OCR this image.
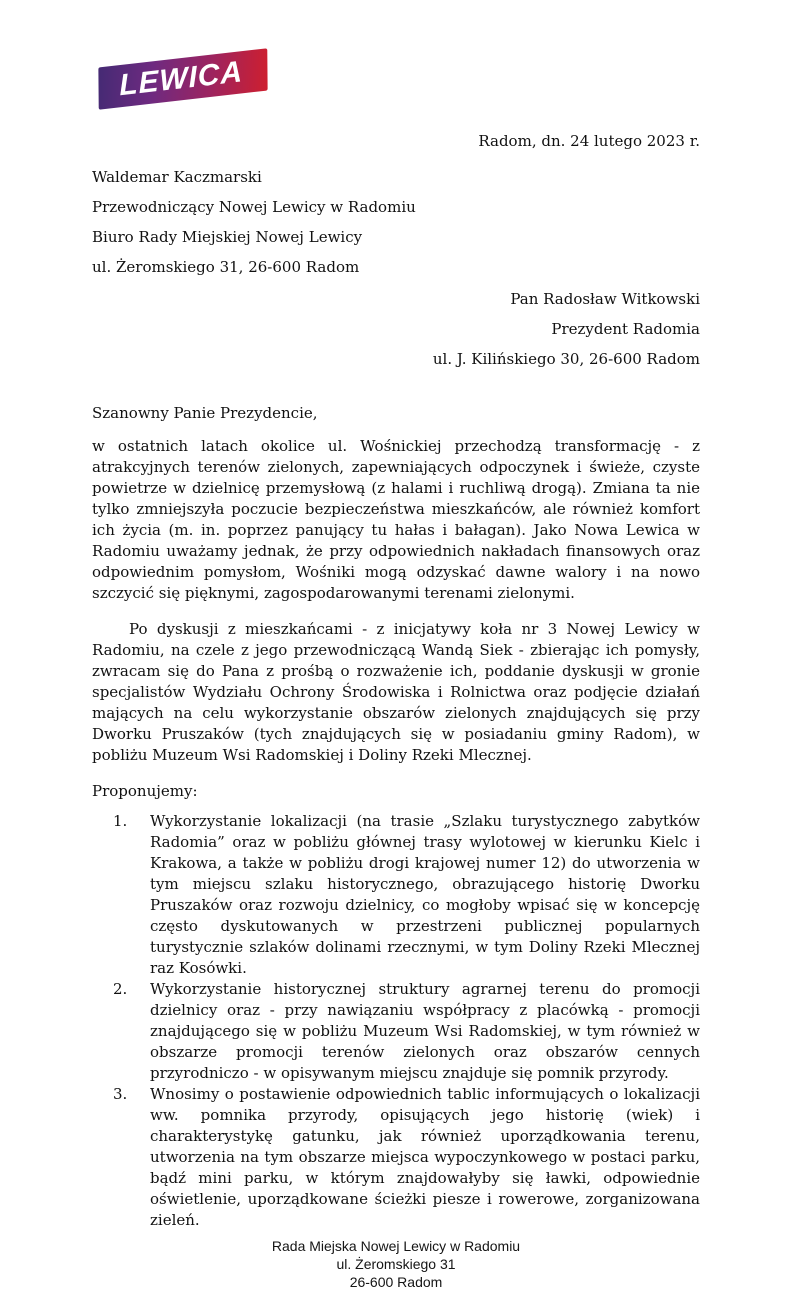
LEWICA
Radom, dn. 24 lutego 2023 r.

Waldemar Kaczmarski

Przewodniczący Nowej Lewicy w Radomiu

Biuro Rady Miejskiej Nowej Lewicy

ul. Żeromskiego 31, 26-600 Radom

Pan Radosław Witkowski

Prezydent Radomia

ul. J. Kilińskiego 30, 26-600 Radom

Szanowny Panie Prezydencie,

w ostatnich latach okolice ul. Wośnickiej przechodzą transformację - z atrakcyjnych terenów zielonych, zapewniających odpoczynek i świeże, czyste powietrze w dzielnicę przemysłową (z halami i ruchliwą drogą). Zmiana ta nie tylko zmniejszyła poczucie bezpieczeństwa mieszkańców, ale również komfort ich życia (m. in. poprzez panujący tu hałas i bałagan). Jako Nowa Lewica w Radomiu uważamy jednak, że przy odpowiednich nakładach finansowych oraz odpowiednim pomysłom, Wośniki mogą odzyskać dawne walory i na nowo szczycić się pięknymi, zagospodarowanymi terenami zielonymi.

Po dyskusji z mieszkańcami - z inicjatywy koła nr 3 Nowej Lewicy w Radomiu, na czele z jego przewodniczącą Wandą Siek - zbierając ich pomysły, zwracam się do Pana z prośbą o rozważenie ich, poddanie dyskusji w gronie specjalistów Wydziału Ochrony Środowiska i Rolnictwa oraz podjęcie działań mających na celu wykorzystanie obszarów zielonych znajdujących się przy Dworku Pruszaków (tych znajdujących się w posiadaniu gminy Radom), w pobliżu Muzeum Wsi Radomskiej i Doliny Rzeki Mlecznej.

Proponujemy:
1.	Wykorzystanie lokalizacji (na trasie „Szlaku turystycznego zabytków Radomia” oraz w pobliżu głównej trasy wylotowej w kierunku Kielc i Krakowa, a także w pobliżu drogi krajowej numer 12) do utworzenia w tym miejscu szlaku historycznego, obrazującego historię Dworku Pruszaków oraz rozwoju dzielnicy, co mogłoby wpisać się w koncepcję często dyskutowanych w przestrzeni publicznej popularnych turystycznie szlaków dolinami rzecznymi, w tym Doliny Rzeki Mlecznej raz Kosówki.
2.	Wykorzystanie historycznej struktury agrarnej terenu do promocji dzielnicy oraz - przy nawiązaniu współpracy z placówką - promocji znajdującego się w pobliżu Muzeum Wsi Radomskiej, w tym również w obszarze promocji terenów zielonych oraz obszarów cennych przyrodniczo - w opisywanym miejscu znajduje się pomnik przyrody.
3.	Wnosimy o postawienie odpowiednich tablic informujących o lokalizacji ww. pomnika przyrody, opisujących jego historię (wiek) i charakterystykę gatunku, jak również uporządkowania terenu, utworzenia na tym obszarze miejsca wypoczynkowego w postaci parku, bądź mini parku, w którym znajdowałyby się ławki, odpowiednie oświetlenie, uporządkowane ścieżki piesze i rowerowe, zorganizowana zieleń.
Rada Miejska Nowej Lewicy w Radomiu
ul. Żeromskiego 31
26-600 Radom
